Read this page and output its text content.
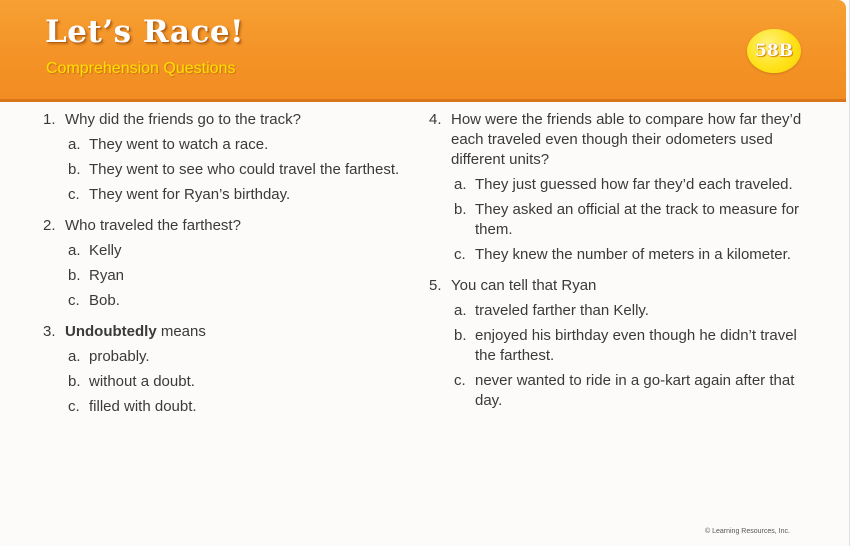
Let’s Race!
Comprehension Questions
58B
1. Why did the friends go to the track?
a. They went to watch a race.
b. They went to see who could travel the farthest.
c. They went for Ryan’s birthday.
2. Who traveled the farthest?
a. Kelly
b. Ryan
c. Bob.
3. Undoubtedly means
a. probably.
b. without a doubt.
c. filled with doubt.
4. How were the friends able to compare how far they’d each traveled even though their odometers used different units?
a. They just guessed how far they’d each traveled.
b. They asked an official at the track to measure for them.
c. They knew the number of meters in a kilometer.
5. You can tell that Ryan
a. traveled farther than Kelly.
b. enjoyed his birthday even though he didn’t travel the farthest.
c. never wanted to ride in a go-kart again after that day.
© Learning Resources, Inc.
